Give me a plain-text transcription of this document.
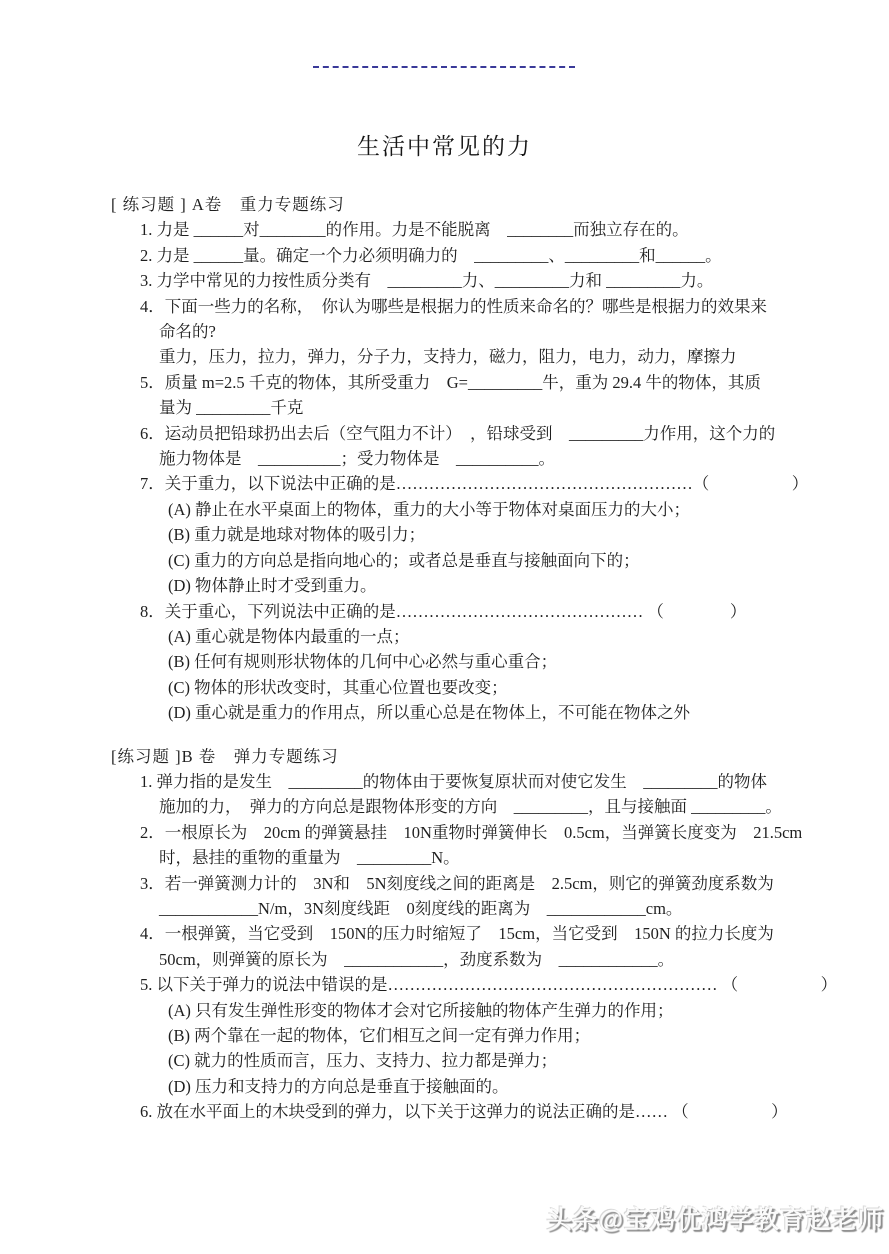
生活中常见的力
[ 练习题 ] A卷　重力专题练习
1. 力是 ______对________的作用。力是不能脱离　________而独立存在的。
2. 力是 ______量。确定一个力必须明确力的　_________、_________和______。
3. 力学中常见的力按性质分类有　_________力、_________力和 _________力。
4．下面一些力的名称，　你认为哪些是根据力的性质来命名的？哪些是根据力的效果来
命名的?
重力，压力，拉力，弹力，分子力，支持力，磁力，阻力，电力，动力，摩擦力
5．质量 m=2.5 千克的物体，其所受重力　G=_________牛，重为 29.4 牛的物体，其质
量为 _________千克
6．运动员把铅球扔出去后（空气阻力不计）　，铅球受到　_________力作用，这个力的
施力物体是　__________；受力物体是　__________。
7．关于重力，以下说法中正确的是………………………………………………（　　　　　）
(A) 静止在水平桌面上的物体，重力的大小等于物体对桌面压力的大小；
(B) 重力就是地球对物体的吸引力；
(C) 重力的方向总是指向地心的；或者总是垂直与接触面向下的；
(D) 物体静止时才受到重力。
8．关于重心，下列说法中正确的是……………………………………… （　　　　）
(A) 重心就是物体内最重的一点；
(B) 任何有规则形状物体的几何中心必然与重心重合；
(C) 物体的形状改变时，其重心位置也要改变；
(D) 重心就是重力的作用点，所以重心总是在物体上，不可能在物体之外
[练习题 ]B 卷　弹力专题练习
1. 弹力指的是发生　_________的物体由于要恢复原状而对使它发生　_________的物体
施加的力，　弹力的方向总是跟物体形变的方向　_________，且与接触面 _________。
2．一根原长为　20cm 的弹簧悬挂　10N重物时弹簧伸长　0.5cm，当弹簧长度变为　21.5cm
时，悬挂的重物的重量为　_________N。
3．若一弹簧测力计的　3N和　5N刻度线之间的距离是　2.5cm，则它的弹簧劲度系数为
____________N/m，3N刻度线距　0刻度线的距离为　____________cm。
4．一根弹簧，当它受到　150N的压力时缩短了　15cm，当它受到　150N 的拉力长度为
50cm，则弹簧的原长为　____________，劲度系数为　____________。
5. 以下关于弹力的说法中错误的是…………………………………………………… （　　　　　）
(A) 只有发生弹性形变的物体才会对它所接触的物体产生弹力的作用；
(B) 两个靠在一起的物体，它们相互之间一定有弹力作用；
(C) 就力的性质而言，压力、支持力、拉力都是弹力；
(D) 压力和支持力的方向总是垂直于接触面的。
6. 放在水平面上的木块受到的弹力，以下关于这弹力的说法正确的是…… （　　　　　）
头条@宝鸡优鸿学教育赵老师
